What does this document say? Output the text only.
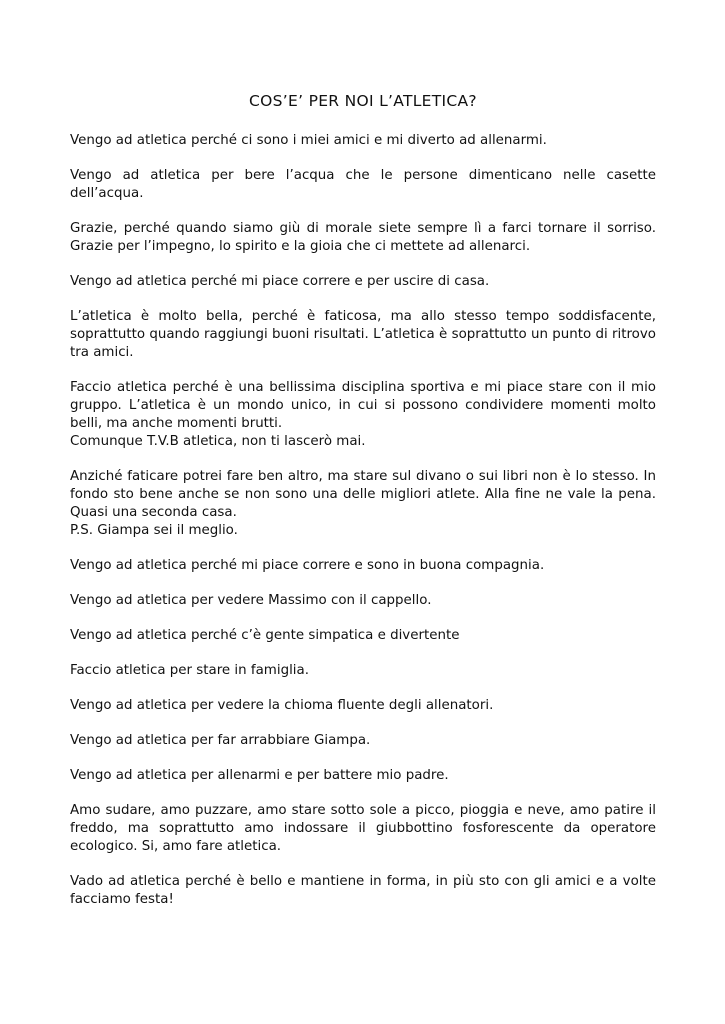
COS’E’ PER NOI L’ATLETICA?

Vengo ad atletica perché ci sono i miei amici e mi diverto ad allenarmi.

Vengo ad atletica per bere l’acqua che le persone dimenticano nelle casette dell’acqua.

Grazie, perché quando siamo giù di morale siete sempre lì a farci tornare il sorriso. Grazie per l’impegno, lo spirito e la gioia che ci mettete ad allenarci.

Vengo ad atletica perché mi piace correre e per uscire di casa.

L’atletica è molto bella, perché è faticosa, ma allo stesso tempo soddisfacente, soprattutto quando raggiungi buoni risultati. L’atletica è soprattutto un punto di ritrovo tra amici.

Faccio atletica perché è una bellissima disciplina sportiva e mi piace stare con il mio gruppo. L’atletica è un mondo unico, in cui si possono condividere momenti molto belli, ma anche momenti brutti.
Comunque T.V.B atletica, non ti lascerò mai.

Anziché faticare potrei fare ben altro, ma stare sul divano o sui libri non è lo stesso. In fondo sto bene anche se non sono una delle migliori atlete. Alla fine ne vale la pena. Quasi una seconda casa.
P.S. Giampa sei il meglio.

Vengo ad atletica perché mi piace correre e sono in buona compagnia.

Vengo ad atletica per vedere Massimo con il cappello.

Vengo ad atletica perché c’è gente simpatica e divertente

Faccio atletica per stare in famiglia.

Vengo ad atletica per vedere la chioma fluente degli allenatori.

Vengo ad atletica per far arrabbiare Giampa.

Vengo ad atletica per allenarmi e per battere mio padre.

Amo sudare, amo puzzare, amo stare sotto sole a picco, pioggia e neve, amo patire il freddo, ma soprattutto amo indossare il giubbottino fosforescente da operatore ecologico. Si, amo fare atletica.

Vado ad atletica perché è bello e mantiene in forma, in più sto con gli amici e a volte facciamo festa!
